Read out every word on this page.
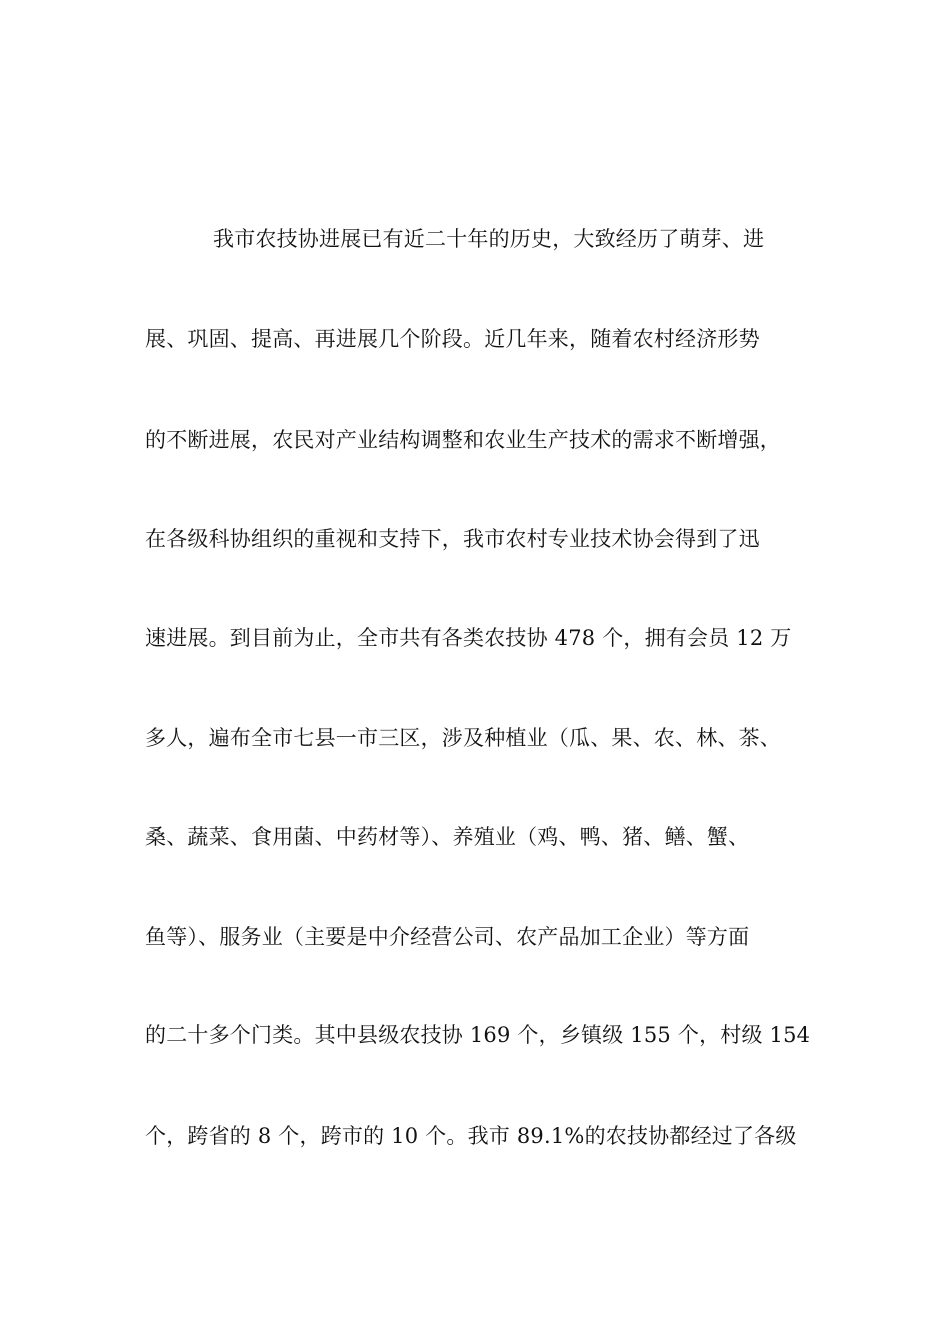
我市农技协进展已有近二十年的历史，大致经历了萌芽、进
展、巩固、提高、再进展几个阶段。近几年来，随着农村经济形势
的不断进展，农民对产业结构调整和农业生产技术的需求不断增强，
在各级科协组织的重视和支持下，我市农村专业技术协会得到了迅
速进展。到目前为止，全市共有各类农技协 478 个，拥有会员 12 万
多人，遍布全市七县一市三区，涉及种植业（瓜、果、农、林、茶、
桑、蔬菜、食用菌、中药材等）、养殖业（鸡、鸭、猪、鳝、蟹、
鱼等）、服务业（主要是中介经营公司、农产品加工企业）等方面
的二十多个门类。其中县级农技协 169 个，乡镇级 155 个，村级 154
个，跨省的 8 个，跨市的 10 个。我市 89.1%的农技协都经过了各级
